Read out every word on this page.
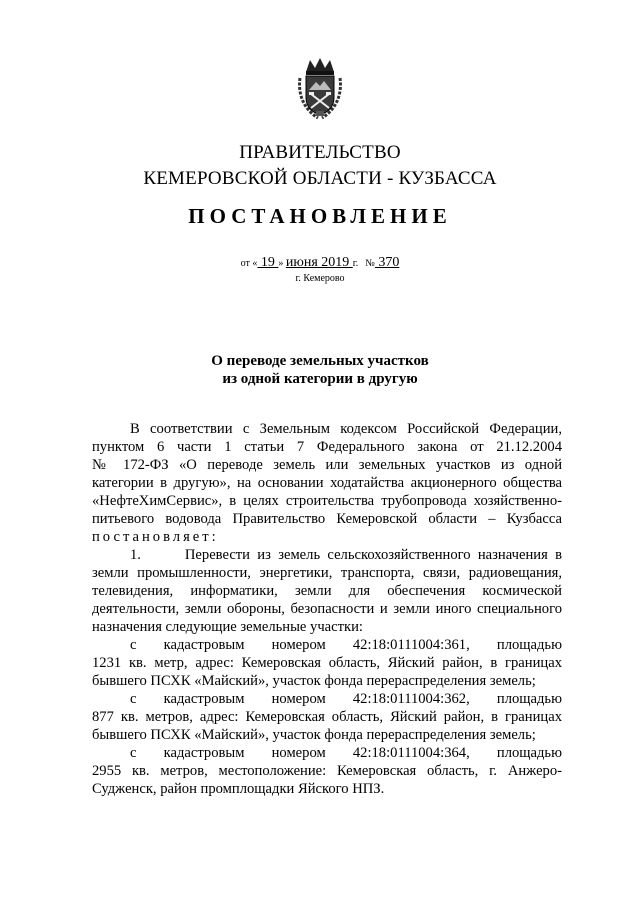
ПРАВИТЕЛЬСТВО
КЕМЕРОВСКОЙ ОБЛАСТИ - КУЗБАССА
ПОСТАНОВЛЕНИЕ
от « 19 » июня 2019 г. № 370
г. Кемерово
О переводе земельных участков
из одной категории в другую
В соответствии с Земельным кодексом Российской Федерации,
пунктом 6 части 1 статьи 7 Федерального закона от 21.12.2004
№ 172-ФЗ «О переводе земель или земельных участков из одной
категории в другую», на основании ходатайства акционерного общества
«НефтеХимСервис», в целях строительства трубопровода хозяйственно-
питьевого водовода Правительство Кемеровской области – Кузбасса
постановляет:
1.      Перевести из земель сельскохозяйственного назначения в
земли промышленности, энергетики, транспорта, связи, радиовещания,
телевидения, информатики, земли для обеспечения космической
деятельности, земли обороны, безопасности и земли иного специального
назначения следующие земельные участки:
с кадастровым номером 42:18:0111004:361, площадью
1231 кв. метр, адрес: Кемеровская область, Яйский район, в границах
бывшего ПСХК «Майский», участок фонда перераспределения земель;
с кадастровым номером 42:18:0111004:362, площадью
877 кв. метров, адрес: Кемеровская область, Яйский район, в границах
бывшего ПСХК «Майский», участок фонда перераспределения земель;
с кадастровым номером 42:18:0111004:364, площадью
2955 кв. метров, местоположение: Кемеровская область, г. Анжеро-
Судженск, район промплощадки Яйского НПЗ.
